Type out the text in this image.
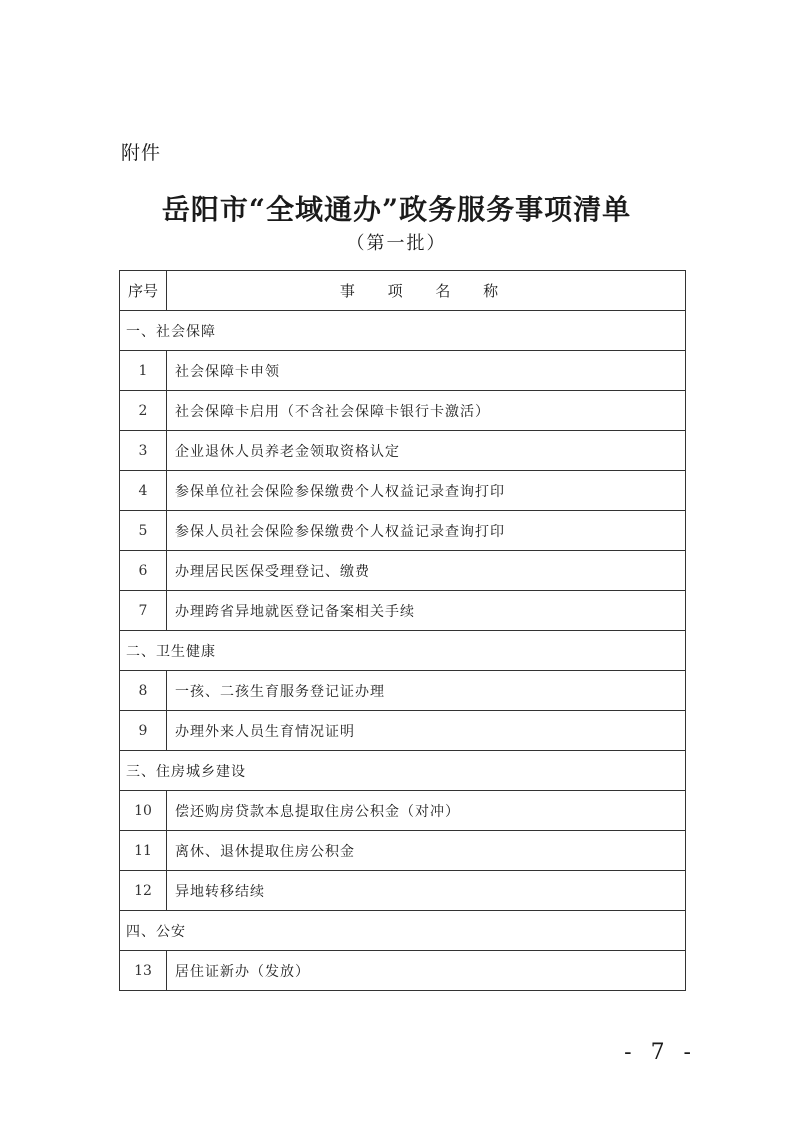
附件
岳阳市“全域通办”政务服务事项清单
（第一批）
序号	事 项 名 称
一、社会保障	
1	社会保障卡申领
2	社会保障卡启用（不含社会保障卡银行卡激活）
3	企业退休人员养老金领取资格认定
4	参保单位社会保险参保缴费个人权益记录查询打印
5	参保人员社会保险参保缴费个人权益记录查询打印
6	办理居民医保受理登记、缴费
7	办理跨省异地就医登记备案相关手续
二、卫生健康	
8	一孩、二孩生育服务登记证办理
9	办理外来人员生育情况证明
三、住房城乡建设	
10	偿还购房贷款本息提取住房公积金（对冲）
11	离休、退休提取住房公积金
12	异地转移结续
四、公安	
13	居住证新办（发放）
- 7 -
